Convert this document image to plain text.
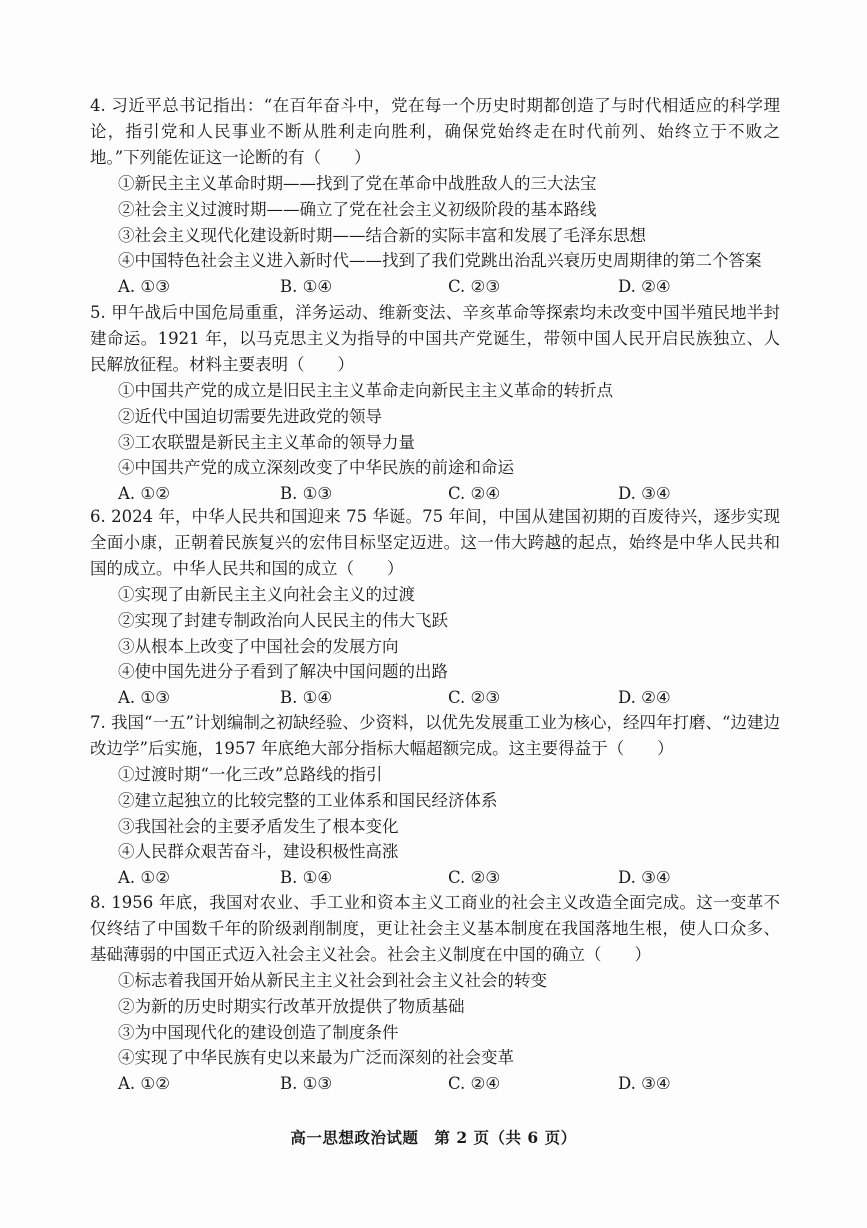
4. 习近平总书记指出：“在百年奋斗中，党在每一个历史时期都创造了与时代相适应的科学理论，指引党和人民事业不断从胜利走向胜利，确保党始终走在时代前列、始终立于不败之地。”下列能佐证这一论断的有（　　）
①新民主主义革命时期——找到了党在革命中战胜敌人的三大法宝
②社会主义过渡时期——确立了党在社会主义初级阶段的基本路线
③社会主义现代化建设新时期——结合新的实际丰富和发展了毛泽东思想
④中国特色社会主义进入新时代——找到了我们党跳出治乱兴衰历史周期律的第二个答案
A. ①③	B. ①④	C. ②③	D. ②④
5. 甲午战后中国危局重重，洋务运动、维新变法、辛亥革命等探索均未改变中国半殖民地半封建命运。1921 年，以马克思主义为指导的中国共产党诞生，带领中国人民开启民族独立、人民解放征程。材料主要表明（　　）
①中国共产党的成立是旧民主主义革命走向新民主主义革命的转折点
②近代中国迫切需要先进政党的领导
③工农联盟是新民主主义革命的领导力量
④中国共产党的成立深刻改变了中华民族的前途和命运
A. ①②	B. ①③	C. ②④	D. ③④
6. 2024 年，中华人民共和国迎来 75 华诞。75 年间，中国从建国初期的百废待兴，逐步实现全面小康，正朝着民族复兴的宏伟目标坚定迈进。这一伟大跨越的起点，始终是中华人民共和国的成立。中华人民共和国的成立（　　）
①实现了由新民主主义向社会主义的过渡
②实现了封建专制政治向人民民主的伟大飞跃
③从根本上改变了中国社会的发展方向
④使中国先进分子看到了解决中国问题的出路
A. ①③	B. ①④	C. ②③	D. ②④
7. 我国“一五”计划编制之初缺经验、少资料，以优先发展重工业为核心，经四年打磨、“边建边改边学”后实施，1957 年底绝大部分指标大幅超额完成。这主要得益于（　　）
①过渡时期“一化三改”总路线的指引
②建立起独立的比较完整的工业体系和国民经济体系
③我国社会的主要矛盾发生了根本变化
④人民群众艰苦奋斗，建设积极性高涨
A. ①②	B. ①④	C. ②③	D. ③④
8. 1956 年底，我国对农业、手工业和资本主义工商业的社会主义改造全面完成。这一变革不仅终结了中国数千年的阶级剥削制度，更让社会主义基本制度在我国落地生根，使人口众多、基础薄弱的中国正式迈入社会主义社会。社会主义制度在中国的确立（　　）
①标志着我国开始从新民主主义社会到社会主义社会的转变
②为新的历史时期实行改革开放提供了物质基础
③为中国现代化的建设创造了制度条件
④实现了中华民族有史以来最为广泛而深刻的社会变革
A. ①②	B. ①③	C. ②④	D. ③④
高一思想政治试题　第 2 页（共 6 页）
